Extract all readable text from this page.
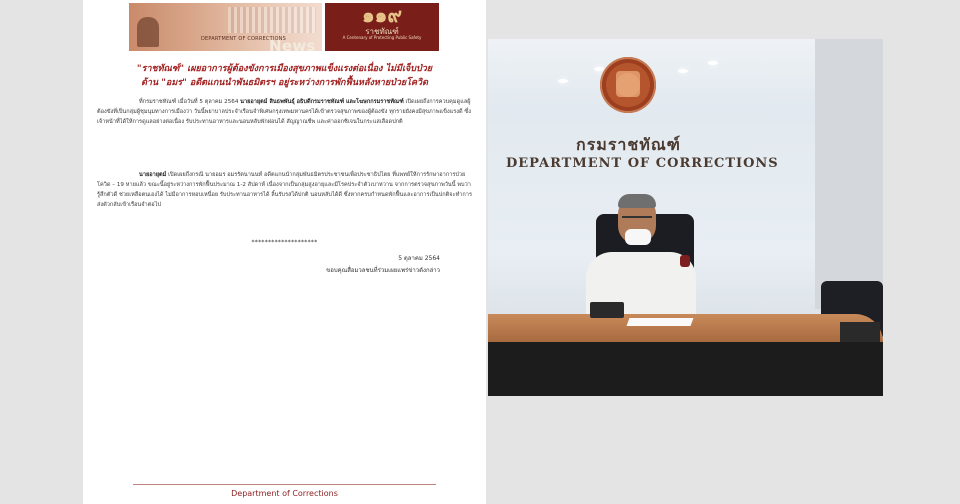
DEPARTMENT OF CORRECTIONS
News
๑๑๙
ราชทัณฑ์
A Centenary of Protecting Public Safety
"ราชทัณฑ์" เผยอาการผู้ต้องขังการเมืองสุขภาพแข็งแรงต่อเนื่อง ไม่มีเจ็บป่วย
ด้าน "อมร" อดีตแกนนำพันธมิตรฯ อยู่ระหว่างการพักฟื้นหลังหายป่วยโควิด

ที่กรมราชทัณฑ์ เมื่อวันที่ 5 ตุลาคม 2564 นายอายุตม์ สินธพพันธุ์ อธิบดีกรมราชทัณฑ์ และโฆษกกรมราชทัณฑ์ เปิดเผยถึงการควบคุมดูแลผู้ต้องขังที่เป็นกลุ่มผู้ชุมนุมทางการเมืองว่า วันนี้พยาบาลประจำเรือนจำพิเศษกรุงเทพมหานครได้เข้าตรวจสุขภาพของผู้ต้องขัง ทุกรายยังคงมีสุขภาพแข็งแรงดี ซึ่งเจ้าหน้าที่ได้ให้การดูแลอย่างต่อเนื่อง รับประทานอาหารและนอนหลับพักผ่อนได้ สัญญาณชีพ และค่าออกซิเจนในกระแสเลือดปกติ

นายอายุตม์ เปิดเผยถึงกรณี นายอมร อมรรัตนานนท์ อดีตแกนนำกลุ่มพันธมิตรประชาชนเพื่อประชาธิปไตย ที่แพทย์ให้การรักษาอาการป่วยโควิด – 19 หายแล้ว ขณะนี้อยู่ระหว่างการพักฟื้นประมาณ 1-2 สัปดาห์ เนื่องจากเป็นกลุ่มสูงอายุและมีโรคประจำตัวเบาหวาน จากการตรวจสุขภาพวันนี้ พบว่า รู้สึกตัวดี ช่วยเหลือตนเองได้ ไม่มีอาการหอบเหนื่อย รับประทานอาหารได้ ลิ้นรับรสได้ปกติ นอนหลับได้ดี ซึ่งหากครบกำหนดพักฟื้นและอาการเป็นปกติจะทำการส่งตัวกลับเข้าเรือนจำต่อไป

********************
5 ตุลาคม 2564
ขอบคุณสื่อมวลชนที่ร่วมเผยแพร่ข่าวดังกล่าว
Department of Corrections
กรมราชทัณฑ์
DEPARTMENT OF CORRECTIONS
